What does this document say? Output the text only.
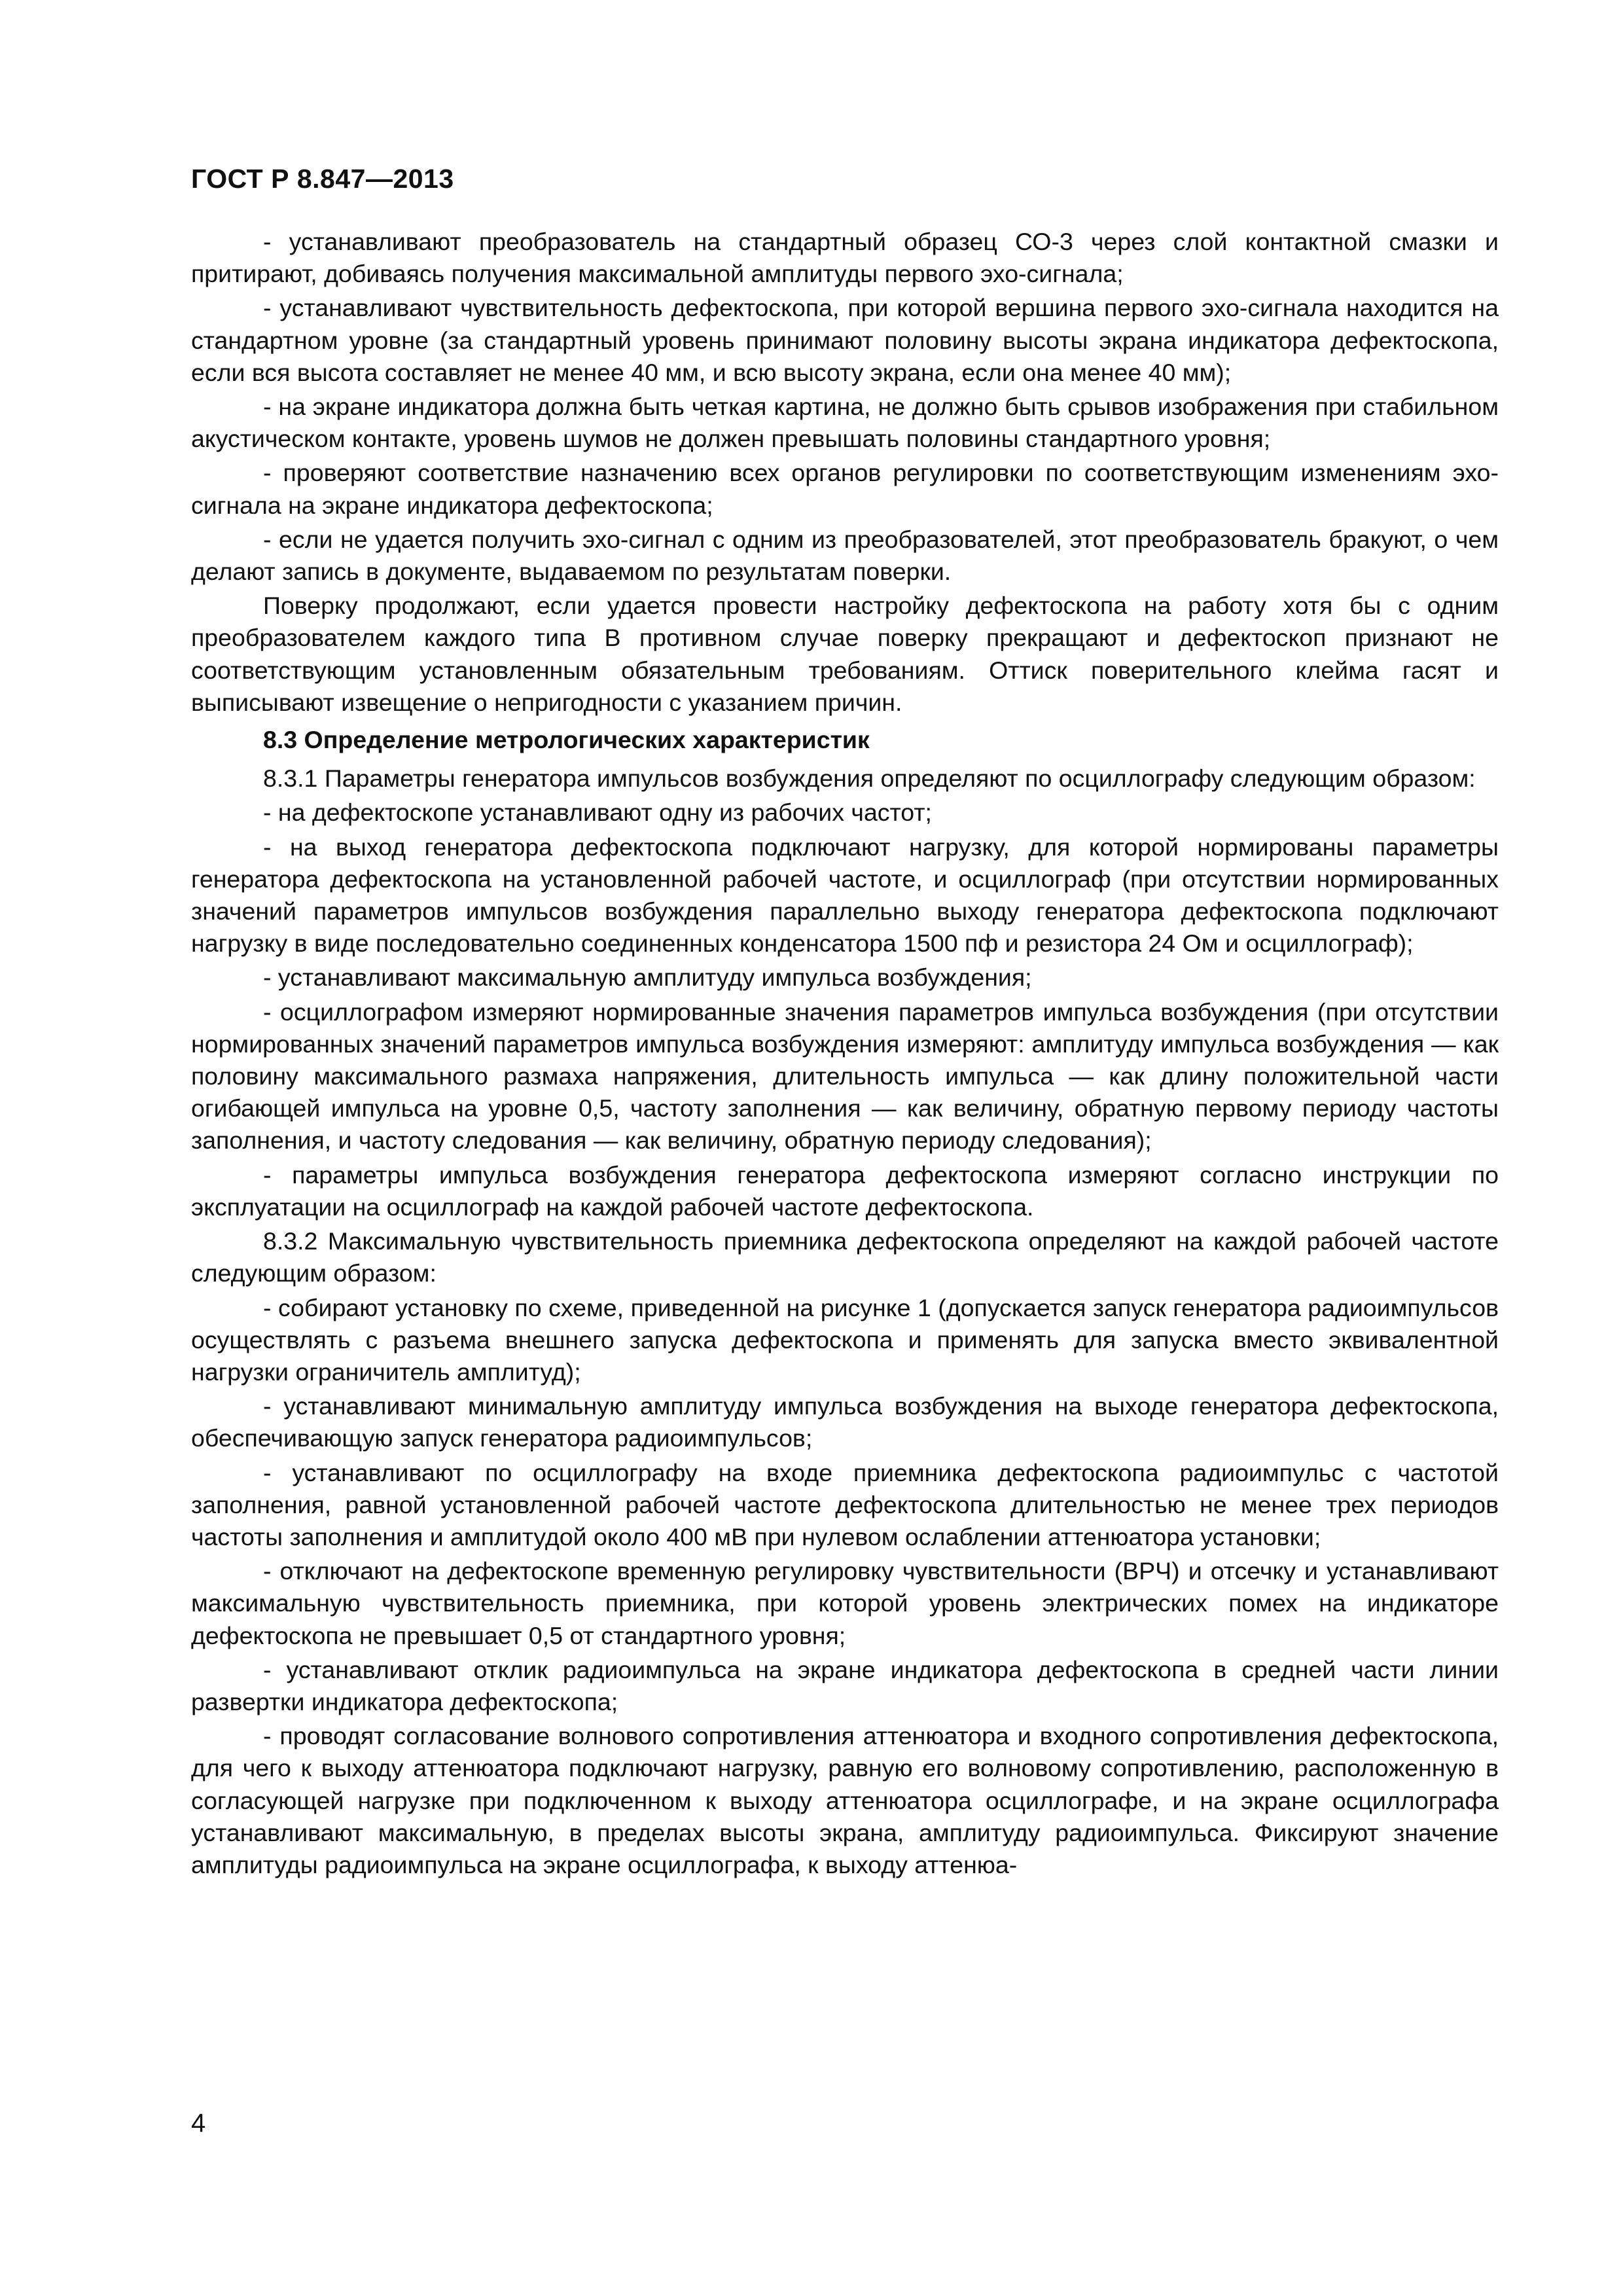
ГОСТ Р 8.847—2013

- устанавливают преобразователь на стандартный образец СО-3 через слой контактной смазки и притирают, добиваясь получения максимальной амплитуды первого эхо-сигнала;

- устанавливают чувствительность дефектоскопа, при которой вершина первого эхо-сигнала находится на стандартном уровне (за стандартный уровень принимают половину высоты экрана индикатора дефектоскопа, если вся высота составляет не менее 40 мм, и всю высоту экрана, если она менее 40 мм);

- на экране индикатора должна быть четкая картина, не должно быть срывов изображения при стабильном акустическом контакте, уровень шумов не должен превышать половины стандартного уровня;

- проверяют соответствие назначению всех органов регулировки по соответствующим изменениям эхо-сигнала на экране индикатора дефектоскопа;

- если не удается получить эхо-сигнал с одним из преобразователей, этот преобразователь бракуют, о чем делают запись в документе, выдаваемом по результатам поверки.

Поверку продолжают, если удается провести настройку дефектоскопа на работу хотя бы с одним преобразователем каждого типа В противном случае поверку прекращают и дефектоскоп признают не соответствующим установленным обязательным требованиям. Оттиск поверительного клейма гасят и выписывают извещение о непригодности с указанием причин.

8.3 Определение метрологических характеристик

8.3.1 Параметры генератора импульсов возбуждения определяют по осциллографу следующим образом:

- на дефектоскопе устанавливают одну из рабочих частот;

- на выход генератора дефектоскопа подключают нагрузку, для которой нормированы параметры генератора дефектоскопа на установленной рабочей частоте, и осциллограф (при отсутствии нормированных значений параметров импульсов возбуждения параллельно выходу генератора дефектоскопа подключают нагрузку в виде последовательно соединенных конденсатора 1500 пф и резистора 24 Ом и осциллограф);

- устанавливают максимальную амплитуду импульса возбуждения;

- осциллографом измеряют нормированные значения параметров импульса возбуждения (при отсутствии нормированных значений параметров импульса возбуждения измеряют: амплитуду импульса возбуждения — как половину максимального размаха напряжения, длительность импульса — как длину положительной части огибающей импульса на уровне 0,5, частоту заполнения — как величину, обратную первому периоду частоты заполнения, и частоту следования — как величину, обратную периоду следования);

- параметры импульса возбуждения генератора дефектоскопа измеряют согласно инструкции по эксплуатации на осциллограф на каждой рабочей частоте дефектоскопа.

8.3.2 Максимальную чувствительность приемника дефектоскопа определяют на каждой рабочей частоте следующим образом:

- собирают установку по схеме, приведенной на рисунке 1 (допускается запуск генератора радиоимпульсов осуществлять с разъема внешнего запуска дефектоскопа и применять для запуска вместо эквивалентной нагрузки ограничитель амплитуд);

- устанавливают минимальную амплитуду импульса возбуждения на выходе генератора дефектоскопа, обеспечивающую запуск генератора радиоимпульсов;

- устанавливают по осциллографу на входе приемника дефектоскопа радиоимпульс с частотой заполнения, равной установленной рабочей частоте дефектоскопа длительностью не менее трех периодов частоты заполнения и амплитудой около 400 мВ при нулевом ослаблении аттенюатора установки;

- отключают на дефектоскопе временную регулировку чувствительности (ВРЧ) и отсечку и устанавливают максимальную чувствительность приемника, при которой уровень электрических помех на индикаторе дефектоскопа не превышает 0,5 от стандартного уровня;

- устанавливают отклик радиоимпульса на экране индикатора дефектоскопа в средней части линии развертки индикатора дефектоскопа;

- проводят согласование волнового сопротивления аттенюатора и входного сопротивления дефектоскопа, для чего к выходу аттенюатора подключают нагрузку, равную его волновому сопротивлению, расположенную в согласующей нагрузке при подключенном к выходу аттенюатора осциллографе, и на экране осциллографа устанавливают максимальную, в пределах высоты экрана, амплитуду радиоимпульса. Фиксируют значение амплитуды радиоимпульса на экране осциллографа, к выходу аттенюа-

4
